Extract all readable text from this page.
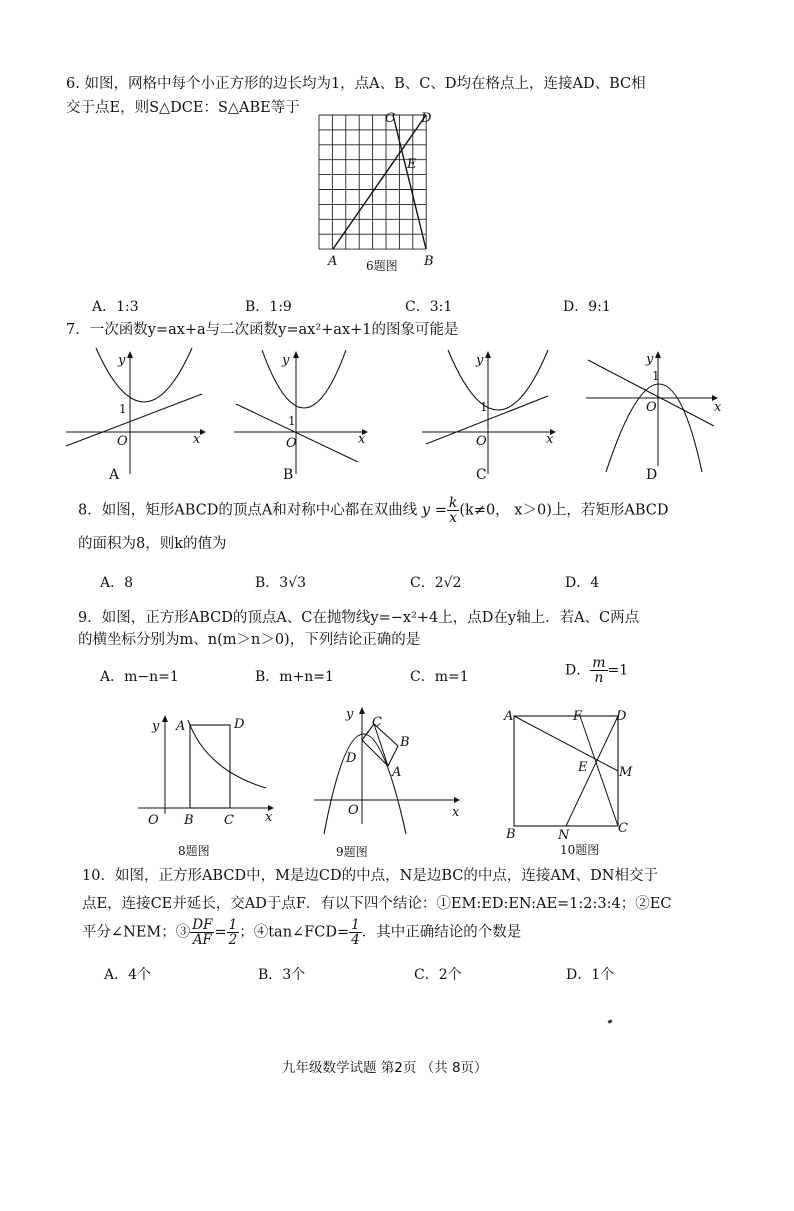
6. 如图，网格中每个小正方形的边长均为1，点A、B、C、D均在格点上，连接AD、BC相
交于点E，则S△DCE：S△ABE等于
A	B
C D
E
6题图
A．1:3	B．1:9	C．3:1	D．9:1
7．一次函数y=ax+a与二次函数y=ax²+ax+1的图象可能是
y
x
O
1
A
y
x
O
1
B
y
x
O
1
C
y
x
O
1
D
8．如图，矩形ABCD的顶点A和对称中心都在双曲线 $y = \frac{k}{x} (k\ne 0$， x＞0)上，若矩形ABCD
的面积为8，则k的值为
A．8	B．3√3	C．2√2	D．4
9．如图，正方形ABCD的顶点A、C在抛物线y=−x²+4上，点D在y轴上．若A、C两点
的横坐标分别为m、n(m＞n＞0)，下列结论正确的是
A．m−n=1	B．m+n=1	C．m=1	D． $\frac{m}{n} =1$
y A	D
O B C x
8题图
y
C
B
D
A
O	x
9题图
A	F	D
E M
B	N	C
10题图
10．如图，正方形ABCD中，M是边CD的中点，N是边BC的中点，连接AM、DN相交于
点E，连接CE并延长，交AD于点F．有以下四个结论：①EM:ED:EN:AE=1:2:3:4；②EC
平分∠NEM；③ $\frac{DF}{AF} = \frac{1}{2}$ ；④tan∠FCD= $\frac{1}{4}$ ．其中正确结论的个数是
A．4个	B．3个	C．2个	D．1个
九年级数学试题 第2页 （共 8页）
